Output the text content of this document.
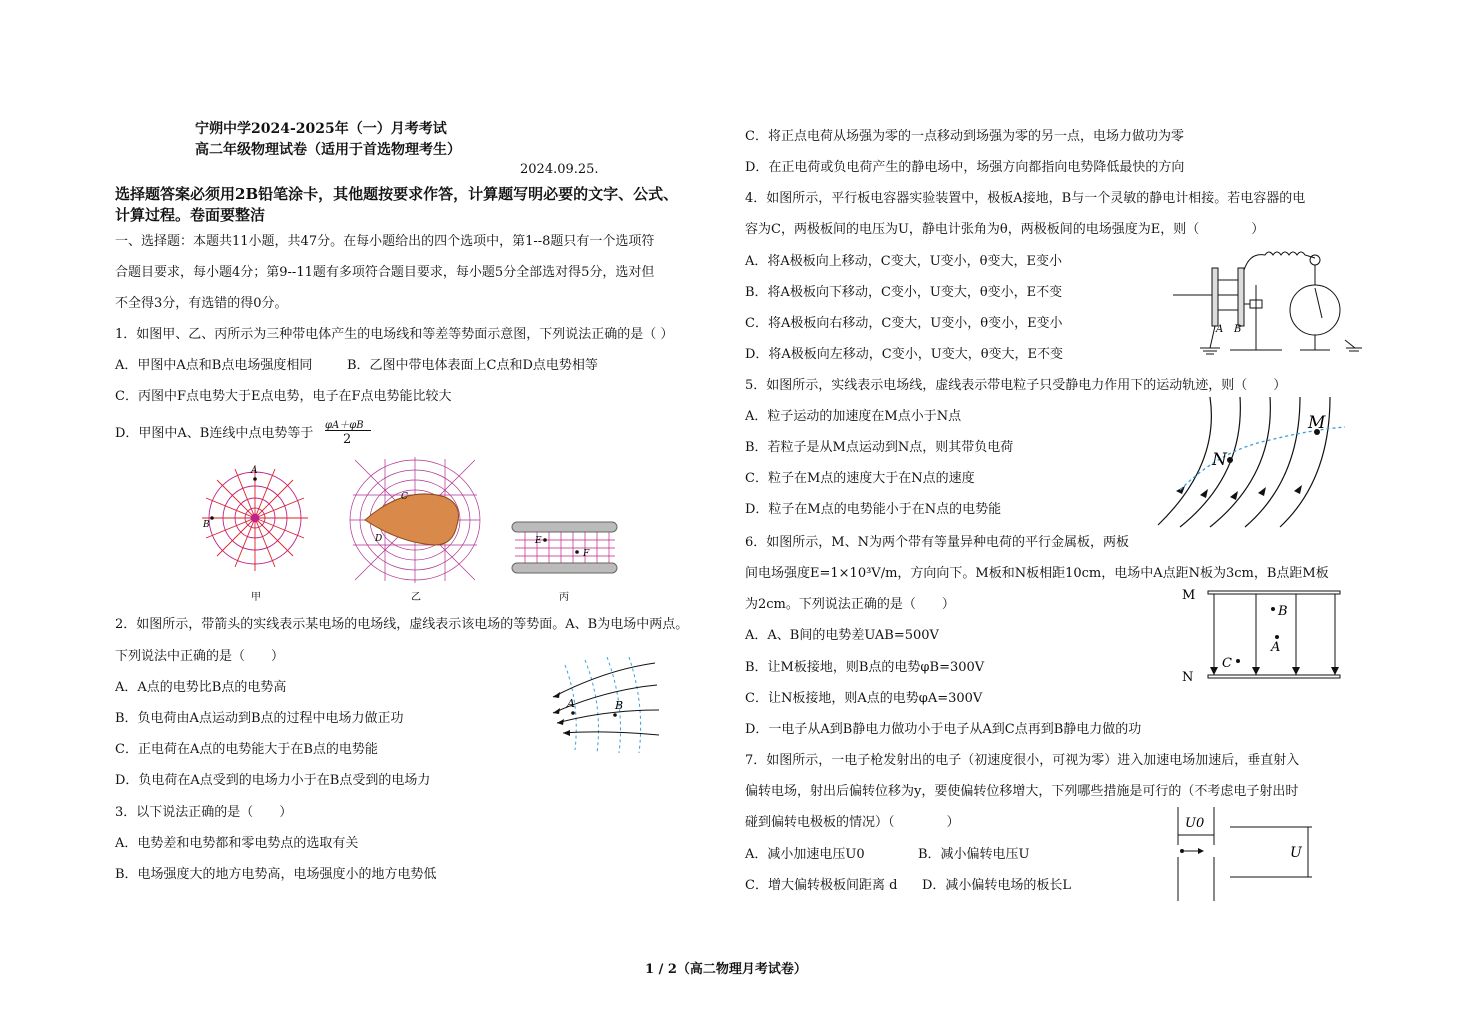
宁朔中学2024-2025年（一）月考考试
高二年级物理试卷（适用于首选物理考生）
2024.09.25.
选择题答案必须用2B铅笔涂卡，其他题按要求作答，计算题写明必要的文字、公式、
计算过程。卷面要整洁
一、选择题：本题共11小题，共47分。在每小题给出的四个选项中，第1--8题只有一个选项符
合题目要求，每小题4分；第9--11题有多项符合题目要求，每小题5分全部选对得5分，选对但
不全得3分，有选错的得0分。
1．如图甲、乙、丙所示为三种带电体产生的电场线和等差等势面示意图，下列说法正确的是（ ）
A．甲图中A点和B点电场强度相同	B．乙图中带电体表面上C点和D点电势相等
C．丙图中F点电势大于E点电势，电子在F点电势能比较大
D．甲图中A、B连线中点电势等于
φA＋φB
2
A
B
甲
C
D
乙
E
F
丙
2．如图所示，带箭头的实线表示某电场的电场线，虚线表示该电场的等势面。A、B为电场中两点。
下列说法中正确的是（　　）
A．A点的电势比B点的电势高
B．负电荷由A点运动到B点的过程中电场力做正功
C．正电荷在A点的电势能大于在B点的电势能
D．负电荷在A点受到的电场力小于在B点受到的电场力
A	B
3．以下说法正确的是（　　）
A．电势差和电势都和零电势点的选取有关
B．电场强度大的地方电势高，电场强度小的地方电势低
C．将正点电荷从场强为零的一点移动到场强为零的另一点，电场力做功为零
D．在正电荷或负电荷产生的静电场中，场强方向都指向电势降低最快的方向
4．如图所示，平行板电容器实验装置中，极板A接地，B与一个灵敏的静电计相接。若电容器的电
容为C，两极板间的电压为U，静电计张角为θ，两极板间的电场强度为E，则（　　　　）
A．将A极板向上移动，C变大，U变小，θ变大，E变小
B．将A极板向下移动，C变小，U变大，θ变小，E不变
C．将A极板向右移动，C变大，U变小，θ变小，E变小
D．将A极板向左移动，C变小，U变大，θ变大，E不变
A B
5．如图所示，实线表示电场线，虚线表示带电粒子只受静电力作用下的运动轨迹，则（　　）
A．粒子运动的加速度在M点小于N点
B．若粒子是从M点运动到N点，则其带负电荷
C．粒子在M点的速度大于在N点的速度
D．粒子在M点的电势能小于在N点的电势能
N
M
6．如图所示，M、N为两个带有等量异种电荷的平行金属板，两板
间电场强度E=1×10³V/m，方向向下。M板和N板相距10cm，电场中A点距N板为3cm，B点距M板
为2cm。下列说法正确的是（　　）
A．A、B间的电势差UAB=500V
B．让M板接地，则B点的电势φB=300V
C．让N板接地，则A点的电势φA=300V
D．一电子从A到B静电力做功小于电子从A到C点再到B静电力做的功
M
N
B
A
C
7．如图所示，一电子枪发射出的电子（初速度很小，可视为零）进入加速电场加速后，垂直射入
偏转电场，射出后偏转位移为y，要使偏转位移增大，下列哪些措施是可行的（不考虑电子射出时
碰到偏转电极板的情况）（　　　　）
A．减小加速电压U0	B．减小偏转电压U
C．增大偏转极板间距离 d D．减小偏转电场的板长L
U0
U
1 / 2（高二物理月考试卷）
